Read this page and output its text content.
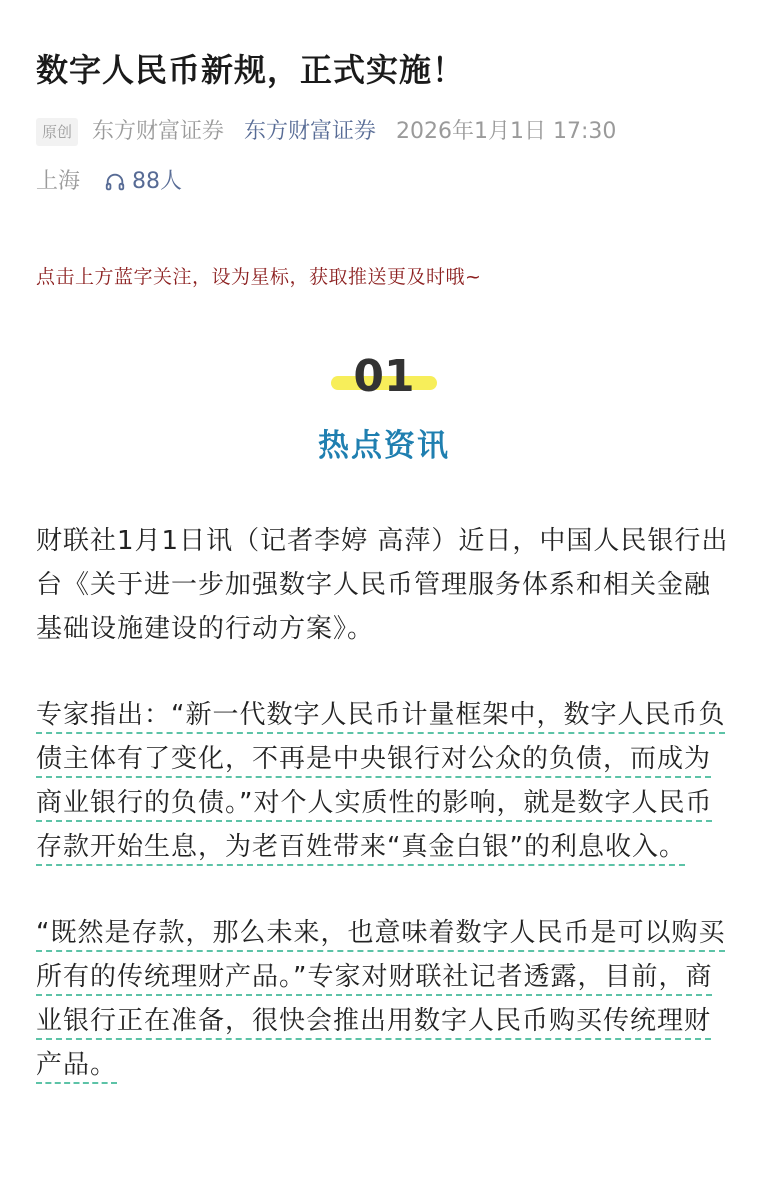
数字人民币新规，正式实施！
原创 东方财富证券 东方财富证券 2026年1月1日 17:30
上海 88人
点击上方蓝字关注，设为星标，获取推送更及时哦~
01
热点资讯

财联社1月1日讯（记者李婷 高萍）近日，中国人民银行出台《关于进一步加强数字人民币管理服务体系和相关金融基础设施建设的行动方案》。

专家指出：“新一代数字人民币计量框架中，数字人民币负债主体有了变化，不再是中央银行对公众的负债，而成为商业银行的负债。”对个人实质性的影响，就是数字人民币存款开始生息，为老百姓带来“真金白银”的利息收入。

“既然是存款，那么未来，也意味着数字人民币是可以购买所有的传统理财产品。”专家对财联社记者透露，目前，商业银行正在准备，很快会推出用数字人民币购买传统理财产品。
